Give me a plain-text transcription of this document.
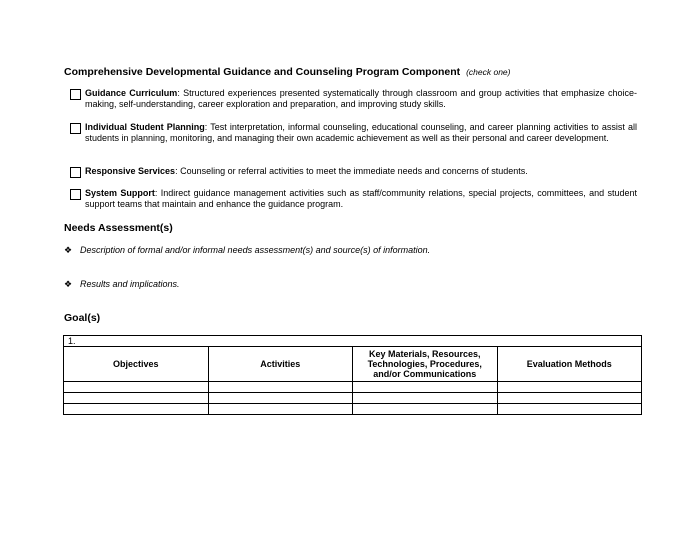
Comprehensive Developmental Guidance and Counseling Program Component (check one)
Guidance Curriculum: Structured experiences presented systematically through classroom and group activities that emphasize choice-making, self-understanding, career exploration and preparation, and improving study skills.
Individual Student Planning: Test interpretation, informal counseling, educational counseling, and career planning activities to assist all students in planning, monitoring, and managing their own academic achievement as well as their personal and career development.
Responsive Services: Counseling or referral activities to meet the immediate needs and concerns of students.
System Support: Indirect guidance management activities such as staff/community relations, special projects, committees, and student support teams that maintain and enhance the guidance program.
Needs Assessment(s)
❖ Description of formal and/or informal needs assessment(s) and source(s) of information.
❖ Results and implications.
Goal(s)
1.			
Objectives	Activities	Key Materials, Resources, Technologies, Procedures, and/or Communications	Evaluation Methods
